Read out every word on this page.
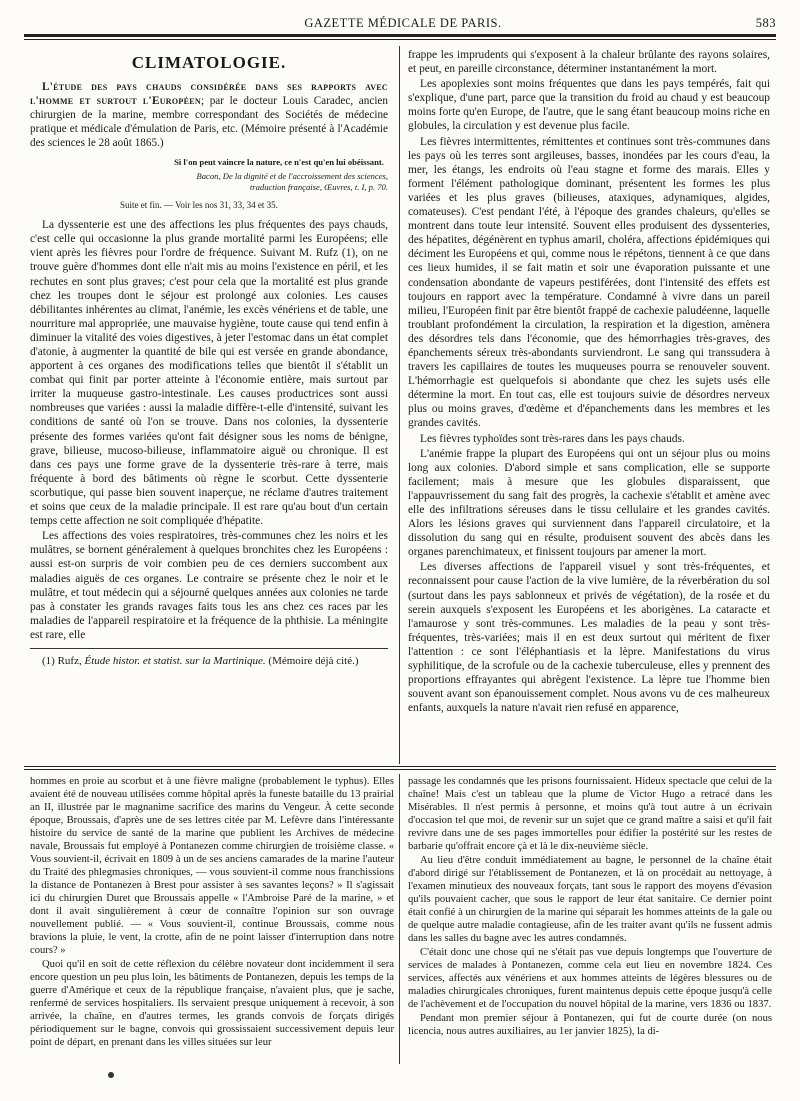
GAZETTE MÉDICALE DE PARIS.	583
CLIMATOLOGIE.

L'étude des pays chauds considérée dans ses rapports avec l'homme et surtout l'Européen; par le docteur Louis Caradec, ancien chirurgien de la marine, membre correspondant des Sociétés de médecine pratique et médicale d'émulation de Paris, etc. (Mémoire présenté à l'Académie des sciences le 28 août 1865.)

Si l'on peut vaincre la nature, ce n'est qu'en lui obéissant.
Bacon, De la dignité et de l'accroissement des sciences, traduction française, Œuvres, t. I, p. 70.
Suite et fin. — Voir les nos 31, 33, 34 et 35.

La dyssenterie est une des affections les plus fréquentes des pays chauds, c'est celle qui occasionne la plus grande mortalité parmi les Européens; elle vient après les fièvres pour l'ordre de fréquence. Suivant M. Rufz (1), on ne trouve guère d'hommes dont elle n'ait mis au moins l'existence en péril, et les rechutes en sont plus graves; c'est pour cela que la mortalité est plus grande chez les troupes dont le séjour est prolongé aux colonies. Les causes débilitantes inhérentes au climat, l'anémie, les excès vénériens et de table, une nourriture mal appropriée, une mauvaise hygiène, toute cause qui tend enfin à diminuer la vitalité des voies digestives, à jeter l'estomac dans un état complet d'atonie, à augmenter la quantité de bile qui est versée en grande abondance, apportent à ces organes des modifications telles que bientôt il s'établit un combat qui finit par porter atteinte à l'économie entière, mais surtout par irriter la muqueuse gastro-intestinale. Les causes productrices sont aussi nombreuses que variées : aussi la maladie diffère-t-elle d'intensité, suivant les conditions de santé où l'on se trouve. Dans nos colonies, la dyssenterie présente des formes variées qu'ont fait désigner sous les noms de bénigne, grave, bilieuse, mucoso-bilieuse, inflammatoire aiguë ou chronique. Il est dans ces pays une forme grave de la dyssenterie très-rare à terre, mais fréquente à bord des bâtiments où règne le scorbut. Cette dyssenterie scorbutique, qui passe bien souvent inaperçue, ne réclame d'autres traitement et soins que ceux de la maladie principale. Il est rare qu'au bout d'un certain temps cette affection ne soit compliquée d'hépatite.

Les affections des voies respiratoires, très-communes chez les noirs et les mulâtres, se bornent généralement à quelques bronchites chez les Européens : aussi est-on surpris de voir combien peu de ces derniers succombent aux maladies aiguës de ces organes. Le contraire se présente chez le noir et le mulâtre, et tout médecin qui a séjourné quelques années aux colonies ne tarde pas à constater les grands ravages faits tous les ans chez ces races par les maladies de l'appareil respiratoire et la fréquence de la phthisie. La méningite est rare, elle

(1) Rufz, Étude histor. et statist. sur la Martinique. (Mémoire déjà cité.)

frappe les imprudents qui s'exposent à la chaleur brûlante des rayons solaires, et peut, en pareille circonstance, déterminer instantanément la mort.

Les apoplexies sont moins fréquentes que dans les pays tempérés, fait qui s'explique, d'une part, parce que la transition du froid au chaud y est beaucoup moins forte qu'en Europe, de l'autre, que le sang étant beaucoup moins riche en globules, la circulation y est devenue plus facile.

Les fièvres intermittentes, rémittentes et continues sont très-communes dans les pays où les terres sont argileuses, basses, inondées par les cours d'eau, la mer, les étangs, les endroits où l'eau stagne et forme des marais. Elles y forment l'élément pathologique dominant, présentent les formes les plus variées et les plus graves (bilieuses, ataxiques, adynamiques, algides, comateuses). C'est pendant l'été, à l'époque des grandes chaleurs, qu'elles se montrent dans toute leur intensité. Souvent elles produisent des dyssenteries, des hépatites, dégénèrent en typhus amaril, choléra, affections épidémiques qui déciment les Européens et qui, comme nous le répétons, tiennent à ce que dans ces lieux humides, il se fait matin et soir une évaporation puissante et une condensation abondante de vapeurs pestiférées, dont l'intensité des effets est toujours en rapport avec la température. Condamné à vivre dans un pareil milieu, l'Européen finit par être bientôt frappé de cachexie paludéenne, laquelle troublant profondément la circulation, la respiration et la digestion, amènera des désordres tels dans l'économie, que des hémorrhagies très-graves, des épanchements séreux très-abondants surviendront. Le sang qui transsudera à travers les capillaires de toutes les muqueuses pourra se renouveler souvent. L'hémorrhagie est quelquefois si abondante que chez les sujets usés elle détermine la mort. En tout cas, elle est toujours suivie de désordres nerveux plus ou moins graves, d'œdème et d'épanchements dans les membres et les grandes cavités.

Les fièvres typhoïdes sont très-rares dans les pays chauds.

L'anémie frappe la plupart des Européens qui ont un séjour plus ou moins long aux colonies. D'abord simple et sans complication, elle se supporte facilement; mais à mesure que les globules disparaissent, que l'appauvrissement du sang fait des progrès, la cachexie s'établit et amène avec elle des infiltrations séreuses dans le tissu cellulaire et les grandes cavités. Alors les lésions graves qui surviennent dans l'appareil circulatoire, et la dissolution du sang qui en résulte, produisent souvent des abcès dans les organes parenchimateux, et finissent toujours par amener la mort.

Les diverses affections de l'appareil visuel y sont très-fréquentes, et reconnaissent pour cause l'action de la vive lumière, de la réverbération du sol (surtout dans les pays sablonneux et privés de végétation), de la rosée et du serein auxquels s'exposent les Européens et les aborigènes. La cataracte et l'amaurose y sont très-communes. Les maladies de la peau y sont très-fréquentes, très-variées; mais il en est deux surtout qui méritent de fixer l'attention : ce sont l'éléphantiasis et la lèpre. Manifestations du virus syphilitique, de la scrofule ou de la cachexie tuberculeuse, elles y prennent des proportions effrayantes qui abrègent l'existence. La lèpre tue l'homme bien souvent avant son épanouissement complet. Nous avons vu de ces malheureux enfants, auxquels la nature n'avait rien refusé en apparence,

hommes en proie au scorbut et à une fièvre maligne (probablement le typhus). Elles avaient été de nouveau utilisées comme hôpital après la funeste bataille du 13 prairial an II, illustrée par le magnanime sacrifice des marins du Vengeur. À cette seconde époque, Broussais, d'après une de ses lettres citée par M. Lefèvre dans l'intéressante histoire du service de santé de la marine que publient les Archives de médecine navale, Broussais fut employé à Pontanezen comme chirurgien de troisième classe. « Vous souvient-il, écrivait en 1809 à un de ses anciens camarades de la marine l'auteur du Traité des phlegmasies chroniques, — vous souvient-il comme nous franchissions la distance de Pontanezen à Brest pour assister à ses savantes leçons? » Il s'agissait ici du chirurgien Duret que Broussais appelle « l'Ambroise Paré de la marine, » et dont il avait singulièrement à cœur de connaître l'opinion sur son ouvrage nouvellement publié. — « Vous souvient-il, continue Broussais, comme nous bravions la pluie, le vent, la crotte, afin de ne point laisser d'interruption dans notre cours? »

Quoi qu'il en soit de cette réflexion du célèbre novateur dont incidemment il sera encore question un peu plus loin, les bâtiments de Pontanezen, depuis les temps de la guerre d'Amérique et ceux de la république française, n'avaient plus, que je sache, renfermé de services hospitaliers. Ils servaient presque uniquement à recevoir, à son arrivée, la chaîne, en d'autres termes, les grands convois de forçats dirigés périodiquement sur le bagne, convois qui grossissaient successivement depuis leur point de départ, en prenant dans les villes situées sur leur

passage les condamnés que les prisons fournissaient. Hideux spectacle que celui de la chaîne! Mais c'est un tableau que la plume de Victor Hugo a retracé dans les Misérables. Il n'est permis à personne, et moins qu'à tout autre à un écrivain d'occasion tel que moi, de revenir sur un sujet que ce grand maître a saisi et qu'il fait revivre dans une de ses pages immortelles pour édifier la postérité sur les restes de barbarie qu'offrait encore çà et là le dix-neuvième siècle.

Au lieu d'être conduit immédiatement au bagne, le personnel de la chaîne était d'abord dirigé sur l'établissement de Pontanezen, et là on procédait au nettoyage, à l'examen minutieux des nouveaux forçats, tant sous le rapport des moyens d'évasion qu'ils pouvaient cacher, que sous le rapport de leur état sanitaire. Ce dernier point était confié à un chirurgien de la marine qui séparait les hommes atteints de la gale ou de quelque autre maladie contagieuse, afin de les traiter avant qu'ils ne fussent admis dans les salles du bagne avec les autres condamnés.

C'était donc une chose qui ne s'était pas vue depuis longtemps que l'ouverture de services de malades à Pontanezen, comme cela eut lieu en novembre 1824. Ces services, affectés aux vénériens et aux hommes atteints de légères blessures ou de maladies chirurgicales chroniques, furent maintenus depuis cette époque jusqu'à celle de l'achèvement et de l'occupation du nouvel hôpital de la marine, vers 1836 ou 1837.

Pendant mon premier séjour à Pontanezen, qui fut de courte durée (on nous licencia, nous autres auxiliaires, au 1er janvier 1825), la di-
